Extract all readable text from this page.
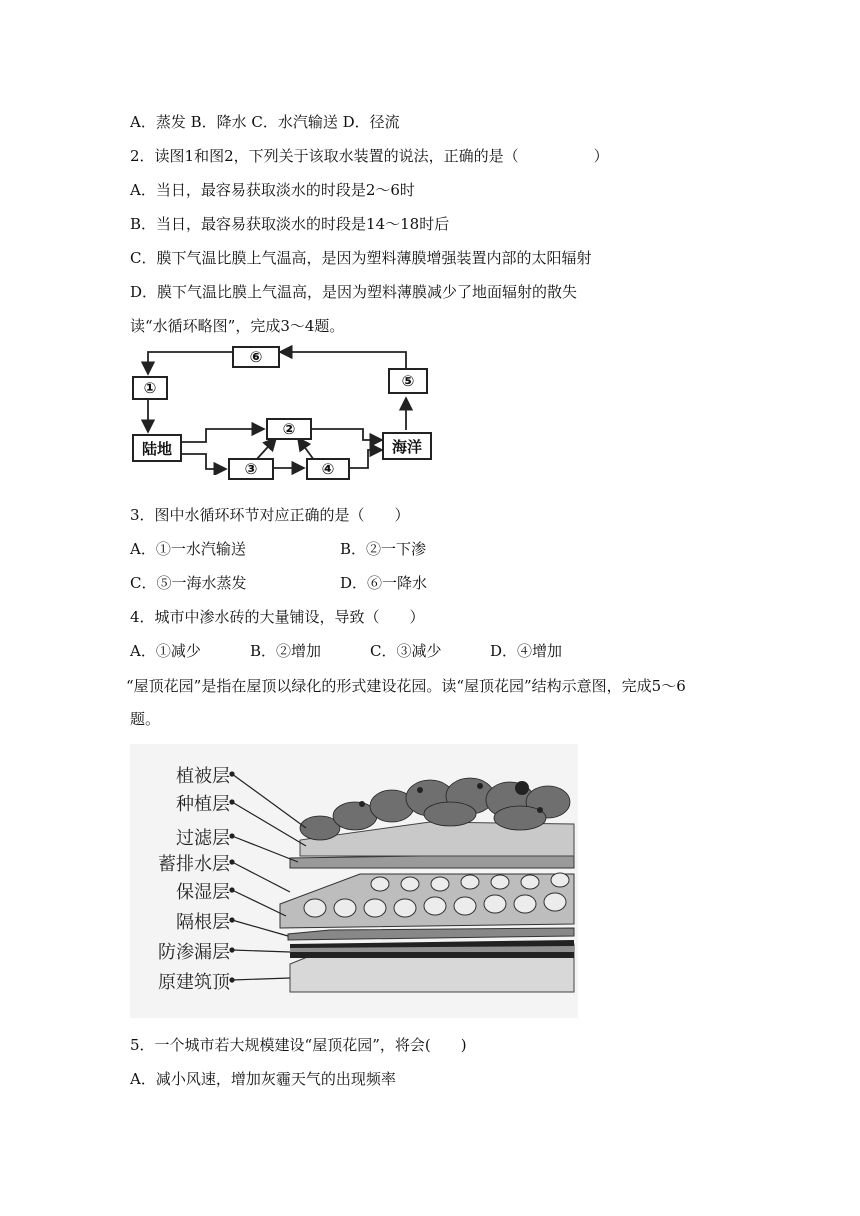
A．蒸发 B．降水 C．水汽输送 D．径流
2．读图1和图2，下列关于该取水装置的说法，正确的是（　　　　　）
A．当日，最容易获取淡水的时段是2～6时
B．当日，最容易获取淡水的时段是14～18时后
C．膜下气温比膜上气温高，是因为塑料薄膜增强装置内部的太阳辐射
D．膜下气温比膜上气温高，是因为塑料薄膜减少了地面辐射的散失
读“水循环略图”，完成3～4题。
⑥
①	⑤
陆地
②
海洋
③	④
3．图中水循环环节对应正确的是（　　）
A．①一水汽输送	B．②一下渗
C．⑤一海水蒸发	D．⑥一降水
4．城市中渗水砖的大量铺设，导致（　　）
A．①减少	B．②增加	C．③减少	D．④增加
“屋顶花园”是指在屋顶以绿化的形式建设花园。读“屋顶花园”结构示意图，完成5～6
题。
植被层
种植层
过滤层
蓄排水层
保湿层
隔根层
防渗漏层
原建筑顶
5．一个城市若大规模建设“屋顶花园”，将会(　　)
A．减小风速，增加灰霾天气的出现频率
